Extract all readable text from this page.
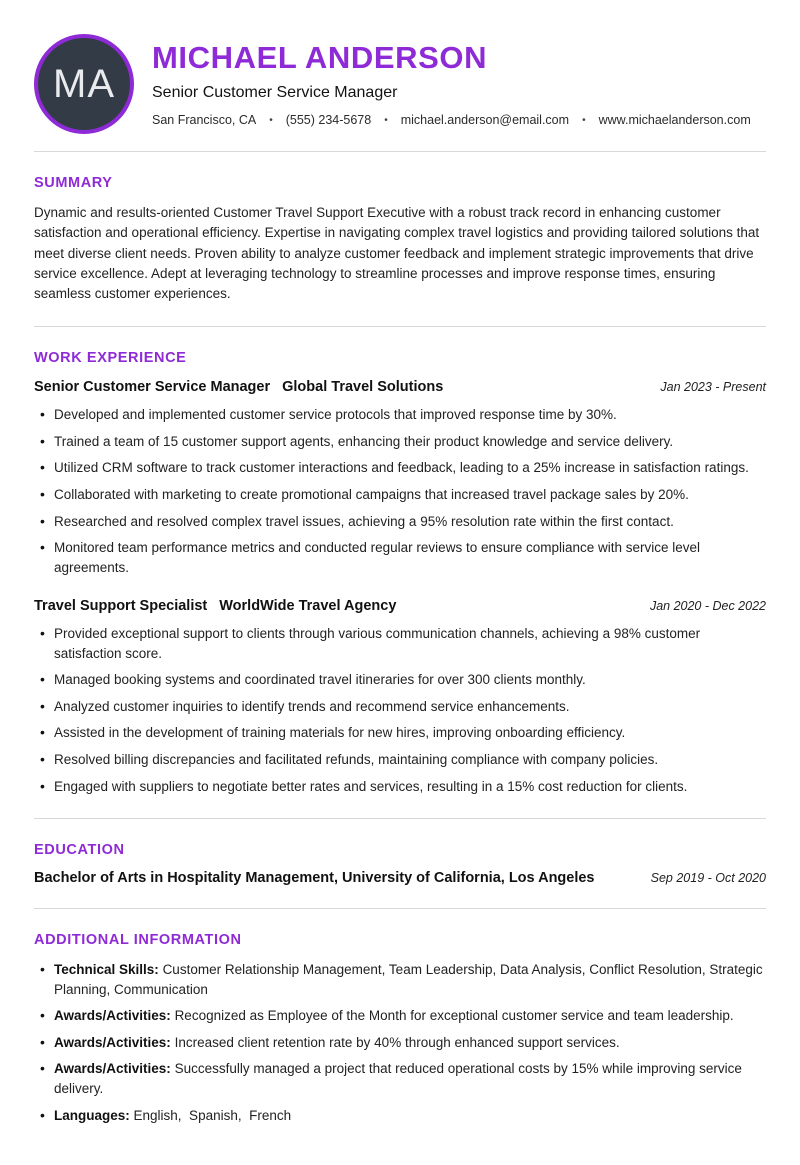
MA
MICHAEL ANDERSON
Senior Customer Service Manager
San Francisco, CA • (555) 234-5678 • michael.anderson@email.com • www.michaelanderson.com
SUMMARY

Dynamic and results-oriented Customer Travel Support Executive with a robust track record in enhancing customer satisfaction and operational efficiency. Expertise in navigating complex travel logistics and providing tailored solutions that meet diverse client needs. Proven ability to analyze customer feedback and implement strategic improvements that drive service excellence. Adept at leveraging technology to streamline processes and improve response times, ensuring seamless customer experiences.

WORK EXPERIENCE
Senior Customer Service Manager Global Travel Solutions	Jan 2023 - Present
• Developed and implemented customer service protocols that improved response time by 30%.
• Trained a team of 15 customer support agents, enhancing their product knowledge and service delivery.
• Utilized CRM software to track customer interactions and feedback, leading to a 25% increase in satisfaction ratings.
• Collaborated with marketing to create promotional campaigns that increased travel package sales by 20%.
• Researched and resolved complex travel issues, achieving a 95% resolution rate within the first contact.
• Monitored team performance metrics and conducted regular reviews to ensure compliance with service level agreements.
Travel Support Specialist WorldWide Travel Agency	Jan 2020 - Dec 2022
• Provided exceptional support to clients through various communication channels, achieving a 98% customer satisfaction score.
• Managed booking systems and coordinated travel itineraries for over 300 clients monthly.
• Analyzed customer inquiries to identify trends and recommend service enhancements.
• Assisted in the development of training materials for new hires, improving onboarding efficiency.
• Resolved billing discrepancies and facilitated refunds, maintaining compliance with company policies.
• Engaged with suppliers to negotiate better rates and services, resulting in a 15% cost reduction for clients.
EDUCATION
Bachelor of Arts in Hospitality Management, University of California, Los Angeles	Sep 2019 - Oct 2020
ADDITIONAL INFORMATION
• Technical Skills: Customer Relationship Management, Team Leadership, Data Analysis, Conflict Resolution, Strategic Planning, Communication
• Awards/Activities: Recognized as Employee of the Month for exceptional customer service and team leadership.
• Awards/Activities: Increased client retention rate by 40% through enhanced support services.
• Awards/Activities: Successfully managed a project that reduced operational costs by 15% while improving service delivery.
• Languages: English,  Spanish,  French
